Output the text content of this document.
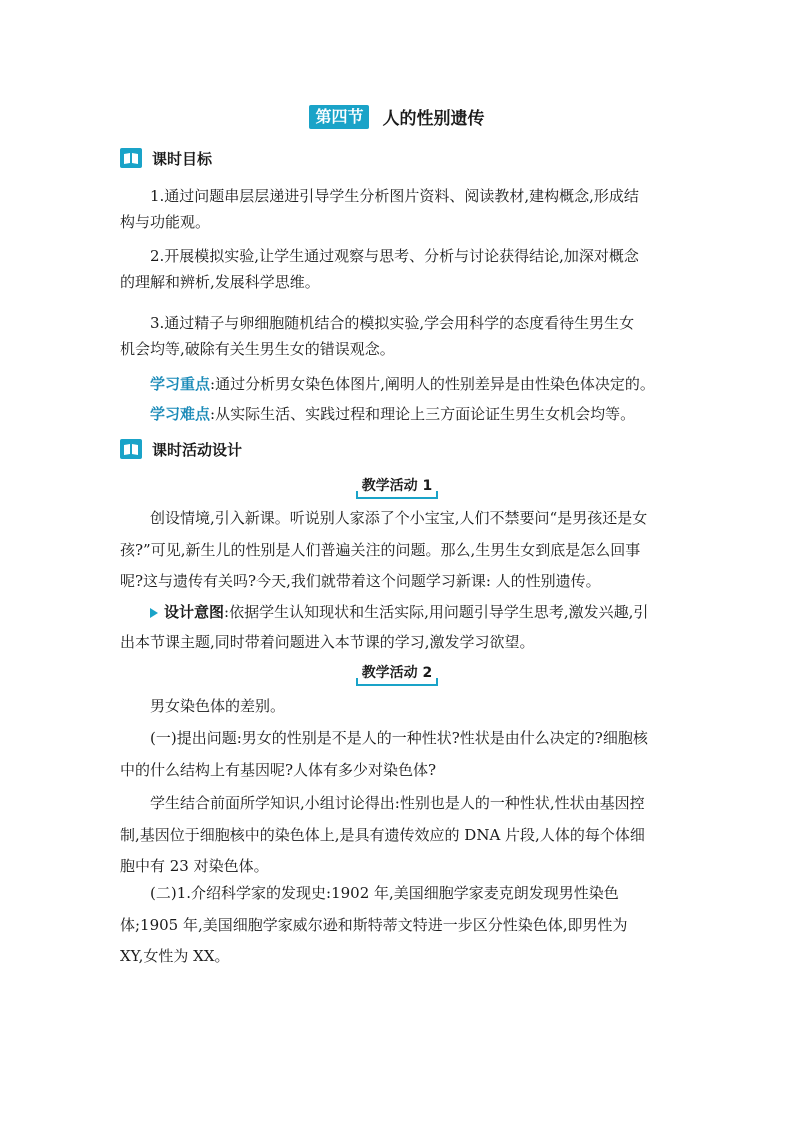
第四节 人的性别遗传
课时目标
1.通过问题串层层递进引导学生分析图片资料、阅读教材,建构概念,形成结
构与功能观。
2.开展模拟实验,让学生通过观察与思考、分析与讨论获得结论,加深对概念
的理解和辨析,发展科学思维。
3.通过精子与卵细胞随机结合的模拟实验,学会用科学的态度看待生男生女
机会均等,破除有关生男生女的错误观念。
学习重点:通过分析男女染色体图片,阐明人的性别差异是由性染色体决定的。
学习难点:从实际生活、实践过程和理论上三方面论证生男生女机会均等。
课时活动设计
教学活动 1
创设情境,引入新课。听说别人家添了个小宝宝,人们不禁要问“是男孩还是女
孩?”可见,新生儿的性别是人们普遍关注的问题。那么,生男生女到底是怎么回事
呢?这与遗传有关吗?今天,我们就带着这个问题学习新课: 人的性别遗传。
设计意图:依据学生认知现状和生活实际,用问题引导学生思考,激发兴趣,引
出本节课主题,同时带着问题进入本节课的学习,激发学习欲望。
教学活动 2
男女染色体的差别。
(一)提出问题:男女的性别是不是人的一种性状?性状是由什么决定的?细胞核
中的什么结构上有基因呢?人体有多少对染色体?
学生结合前面所学知识,小组讨论得出:性别也是人的一种性状,性状由基因控
制,基因位于细胞核中的染色体上,是具有遗传效应的 DNA 片段,人体的每个体细
胞中有 23 对染色体。
(二)1.介绍科学家的发现史:1902 年,美国细胞学家麦克朗发现男性染色
体;1905 年,美国细胞学家威尔逊和斯特蒂文特进一步区分性染色体,即男性为
XY,女性为 XX。
